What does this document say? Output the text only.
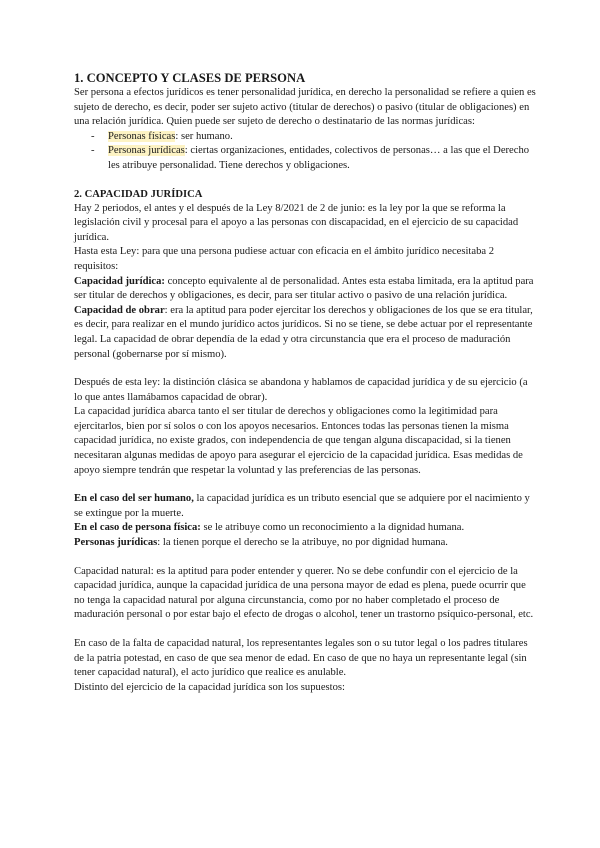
1. CONCEPTO Y CLASES DE PERSONA

Ser persona a efectos jurídicos es tener personalidad jurídica, en derecho la personalidad se refiere a quien es sujeto de derecho, es decir, poder ser sujeto activo (titular de derechos) o pasivo (titular de obligaciones) en una relación jurídica. Quien puede ser sujeto de derecho o destinatario de las normas jurídicas:

- Personas físicas: ser humano.
- Personas jurídicas: ciertas organizaciones, entidades, colectivos de personas… a las que el Derecho les atribuye personalidad. Tiene derechos y obligaciones.
2. CAPACIDAD JURÍDICA

Hay 2 periodos, el antes y el después de la Ley 8/2021 de 2 de junio: es la ley por la que se reforma la legislación civil y procesal para el apoyo a las personas con discapacidad, en el ejercicio de su capacidad jurídica.

Hasta esta Ley: para que una persona pudiese actuar con eficacia en el ámbito jurídico necesitaba 2 requisitos:

Capacidad jurídica: concepto equivalente al de personalidad. Antes esta estaba limitada, era la aptitud para ser titular de derechos y obligaciones, es decir, para ser titular activo o pasivo de una relación jurídica.

Capacidad de obrar: era la aptitud para poder ejercitar los derechos y obligaciones de los que se era titular, es decir, para realizar en el mundo jurídico actos jurídicos. Si no se tiene, se debe actuar por el representante legal. La capacidad de obrar dependía de la edad y otra circunstancia que era el proceso de maduración personal (gobernarse por sí mismo).

Después de esta ley: la distinción clásica se abandona y hablamos de capacidad jurídica y de su ejercicio (a lo que antes llamábamos capacidad de obrar).

La capacidad jurídica abarca tanto el ser titular de derechos y obligaciones como la legitimidad para ejercitarlos, bien por sí solos o con los apoyos necesarios. Entonces todas las personas tienen la misma capacidad jurídica, no existe grados, con independencia de que tengan alguna discapacidad, si la tienen necesitaran algunas medidas de apoyo para asegurar el ejercicio de la capacidad jurídica. Esas medidas de apoyo siempre tendrán que respetar la voluntad y las preferencias de las personas.

En el caso del ser humano, la capacidad jurídica es un tributo esencial que se adquiere por el nacimiento y se extingue por la muerte.

En el caso de persona física: se le atribuye como un reconocimiento a la dignidad humana.

Personas jurídicas: la tienen porque el derecho se la atribuye, no por dignidad humana.

Capacidad natural: es la aptitud para poder entender y querer. No se debe confundir con el ejercicio de la capacidad jurídica, aunque la capacidad jurídica de una persona mayor de edad es plena, puede ocurrir que no tenga la capacidad natural por alguna circunstancia, como por no haber completado el proceso de maduración personal o por estar bajo el efecto de drogas o alcohol, tener un trastorno psíquico-personal, etc.

En caso de la falta de capacidad natural, los representantes legales son o su tutor legal o los padres titulares de la patria potestad, en caso de que sea menor de edad. En caso de que no haya un representante legal (sin tener capacidad natural), el acto jurídico que realice es anulable.

Distinto del ejercicio de la capacidad jurídica son los supuestos:
